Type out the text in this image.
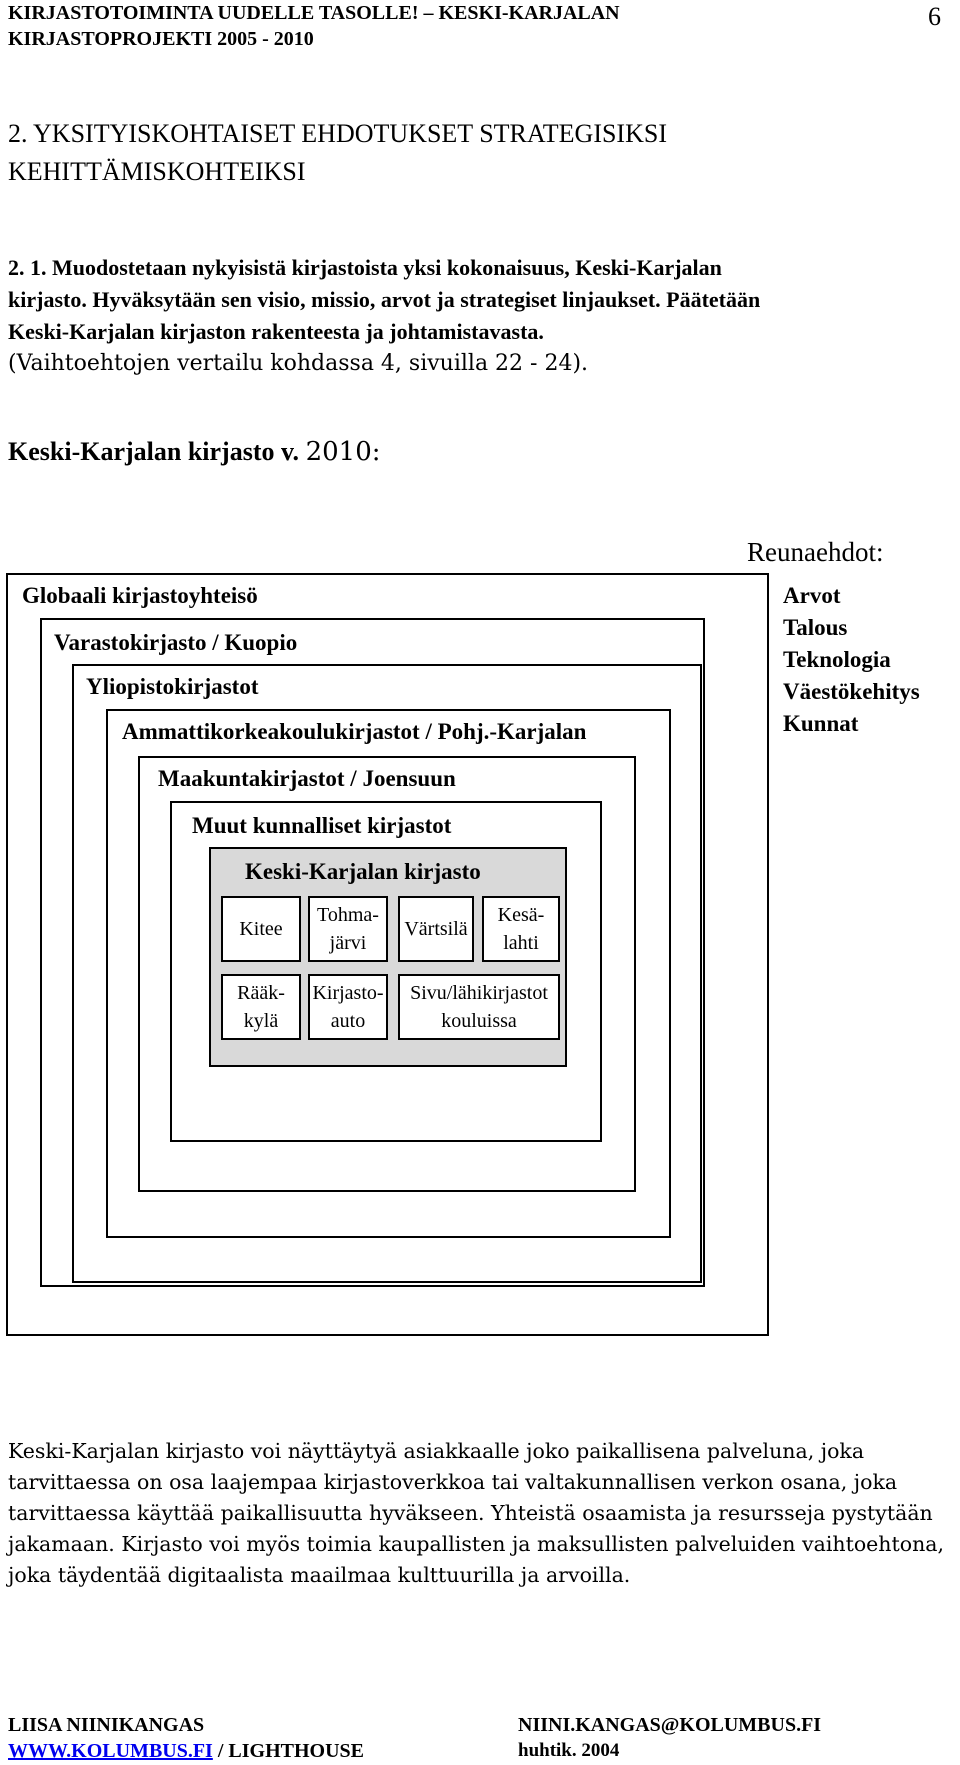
KIRJASTOTOIMINTA UUDELLE TASOLLE! – KESKI-KARJALAN
KIRJASTOPROJEKTI 2005 - 2010
6
2. YKSITYISKOHTAISET EHDOTUKSET STRATEGISIKSI
KEHITTÄMISKOHTEIKSI
2. 1. Muodostetaan nykyisistä kirjastoista yksi kokonaisuus, Keski-Karjalan
kirjasto. Hyväksytään sen visio, missio, arvot ja strategiset linjaukset. Päätetään
Keski-Karjalan kirjaston rakenteesta ja johtamistavasta.
(Vaihtoehtojen vertailu kohdassa 4, sivuilla 22 - 24).
Keski-Karjalan kirjasto v. 2010:
Globaali kirjastoyhteisö
Varastokirjasto / Kuopio
Yliopistokirjastot
Ammattikorkeakoulukirjastot / Pohj.-Karjalan
Maakuntakirjastot / Joensuun
Muut kunnalliset kirjastot
Keski-Karjalan kirjasto
Kitee
Tohma-
järvi
Värtsilä
Kesä-
lahti
Rääk-
kylä
Kirjasto-
auto
Sivu/lähikirjastot
kouluissa
Reunaehdot:
Arvot
Talous
Teknologia
Väestökehitys
Kunnat
Keski-Karjalan kirjasto voi näyttäytyä asiakkaalle joko paikallisena palveluna, joka
tarvittaessa on osa laajempaa kirjastoverkkoa tai valtakunnallisen verkon osana, joka
tarvittaessa käyttää paikallisuutta hyväkseen. Yhteistä osaamista ja resursseja pystytään
jakamaan. Kirjasto voi myös toimia kaupallisten ja maksullisten palveluiden vaihtoehtona,
joka täydentää digitaalista maailmaa kulttuurilla ja arvoilla.
LIISA NIINIKANGAS	NIINI.KANGAS@KOLUMBUS.FI
WWW.KOLUMBUS.FI / LIGHTHOUSE	huhtik. 2004
